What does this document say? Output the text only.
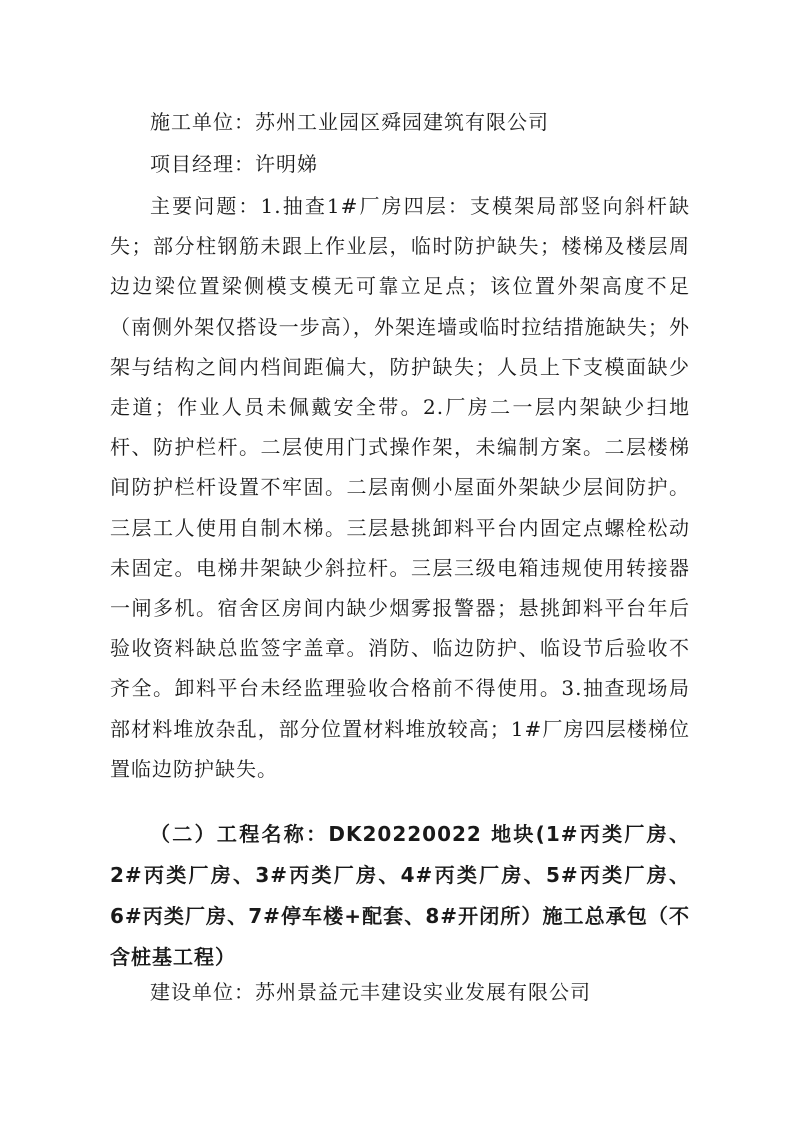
施工单位：苏州工业园区舜园建筑有限公司
项目经理：许明娣
主要问题：1.抽查1#厂房四层：支模架局部竖向斜杆缺失；部分柱钢筋未跟上作业层，临时防护缺失；楼梯及楼层周边边梁位置梁侧模支模无可靠立足点；该位置外架高度不足（南侧外架仅搭设一步高），外架连墙或临时拉结措施缺失；外架与结构之间内档间距偏大，防护缺失；人员上下支模面缺少走道；作业人员未佩戴安全带。2.厂房二一层内架缺少扫地杆、防护栏杆。二层使用门式操作架，未编制方案。二层楼梯间防护栏杆设置不牢固。二层南侧小屋面外架缺少层间防护。三层工人使用自制木梯。三层悬挑卸料平台内固定点螺栓松动未固定。电梯井架缺少斜拉杆。三层三级电箱违规使用转接器一闸多机。宿舍区房间内缺少烟雾报警器；悬挑卸料平台年后验收资料缺总监签字盖章。消防、临边防护、临设节后验收不齐全。卸料平台未经监理验收合格前不得使用。3.抽查现场局部材料堆放杂乱，部分位置材料堆放较高；1#厂房四层楼梯位置临边防护缺失。
（二）工程名称：DK20220022 地块(1#丙类厂房、2#丙类厂房、3#丙类厂房、4#丙类厂房、5#丙类厂房、6#丙类厂房、7#停车楼+配套、8#开闭所）施工总承包（不含桩基工程）
建设单位：苏州景益元丰建设实业发展有限公司
